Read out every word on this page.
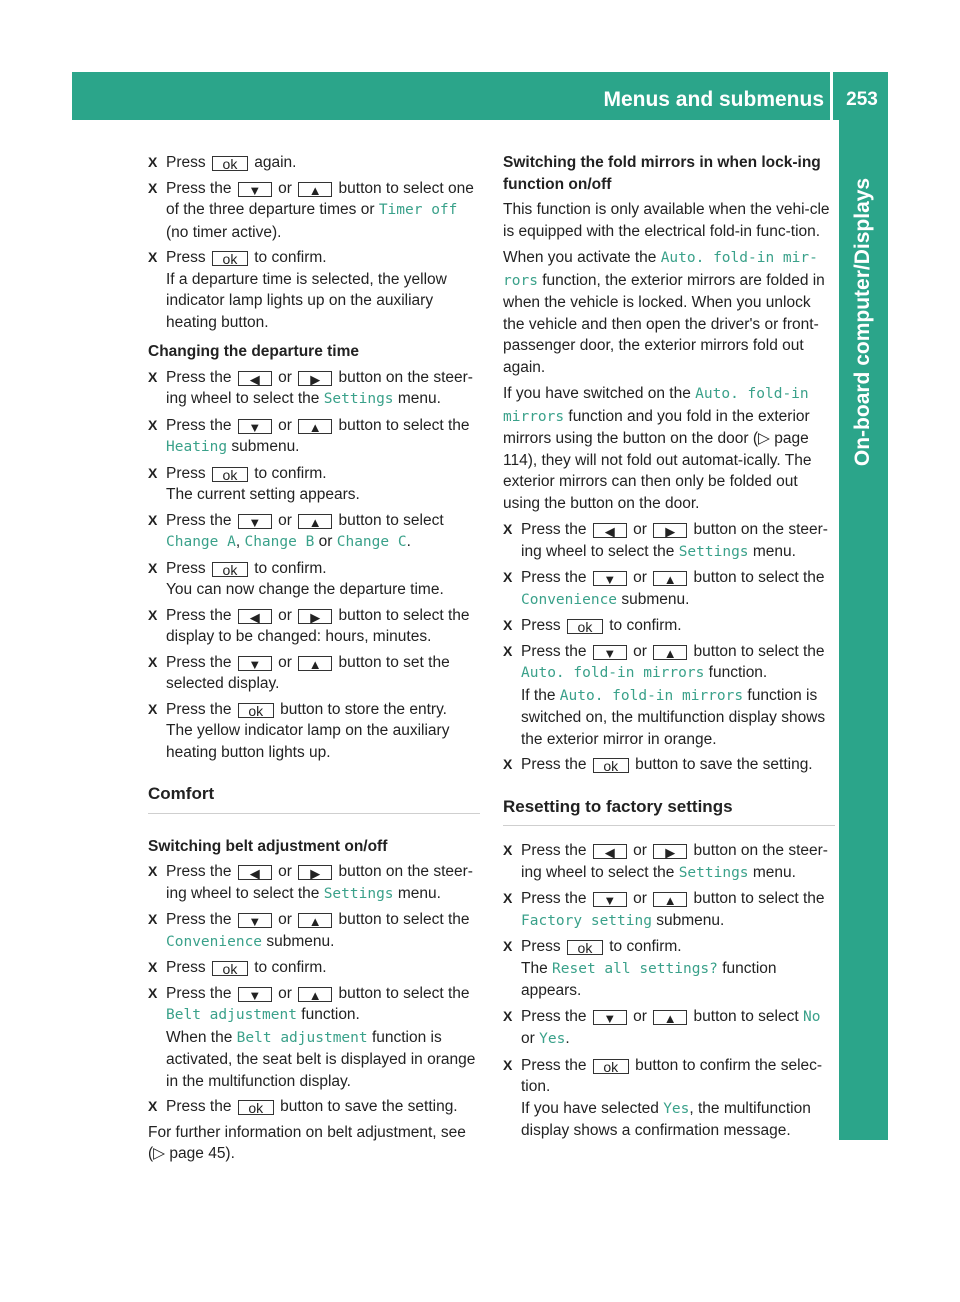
Menus and submenus	253
On-board computer/Displays
X Press ok again.
X Press the ▼ or ▲ button to select one of the three departure times or Timer off (no timer active).
X Press ok to confirm.
If a departure time is selected, the yellow indicator lamp lights up on the auxiliary heating button.
Changing the departure time
X Press the ◀ or ▶ button on the steer-ing wheel to select the Settings menu.
X Press the ▼ or ▲ button to select the Heating submenu.
X Press ok to confirm.
The current setting appears.
X Press the ▼ or ▲ button to select Change A, Change B or Change C.
X Press ok to confirm.
You can now change the departure time.
X Press the ◀ or ▶ button to select the display to be changed: hours, minutes.
X Press the ▼ or ▲ button to set the selected display.
X Press the ok button to store the entry.
The yellow indicator lamp on the auxiliary heating button lights up.
Comfort
Switching belt adjustment on/off
X Press the ◀ or ▶ button on the steer-ing wheel to select the Settings menu.
X Press the ▼ or ▲ button to select the Convenience submenu.
X Press ok to confirm.
X Press the ▼ or ▲ button to select the Belt adjustment function.
When the Belt adjustment function is activated, the seat belt is displayed in orange in the multifunction display.
X Press the ok button to save the setting.
For further information on belt adjustment, see (▷ page 45).
Switching the fold mirrors in when lock-ing function on/off
This function is only available when the vehi-cle is equipped with the electrical fold-in func-tion.
When you activate the Auto. fold-in mir-rors function, the exterior mirrors are folded in when the vehicle is locked. When you unlock the vehicle and then open the driver's or front-passenger door, the exterior mirrors fold out again.
If you have switched on the Auto. fold-in mirrors function and you fold in the exterior mirrors using the button on the door (▷ page 114), they will not fold out automat-ically. The exterior mirrors can then only be folded out using the button on the door.
X Press the ◀ or ▶ button on the steer-ing wheel to select the Settings menu.
X Press the ▼ or ▲ button to select the Convenience submenu.
X Press ok to confirm.
X Press the ▼ or ▲ button to select the Auto. fold-in mirrors function.
If the Auto. fold-in mirrors function is switched on, the multifunction display shows the exterior mirror in orange.
X Press the ok button to save the setting.
Resetting to factory settings
X Press the ◀ or ▶ button on the steer-ing wheel to select the Settings menu.
X Press the ▼ or ▲ button to select the Factory setting submenu.
X Press ok to confirm.
The Reset all settings? function appears.
X Press the ▼ or ▲ button to select No or Yes.
X Press the ok button to confirm the selec-tion.
If you have selected Yes, the multifunction display shows a confirmation message.
